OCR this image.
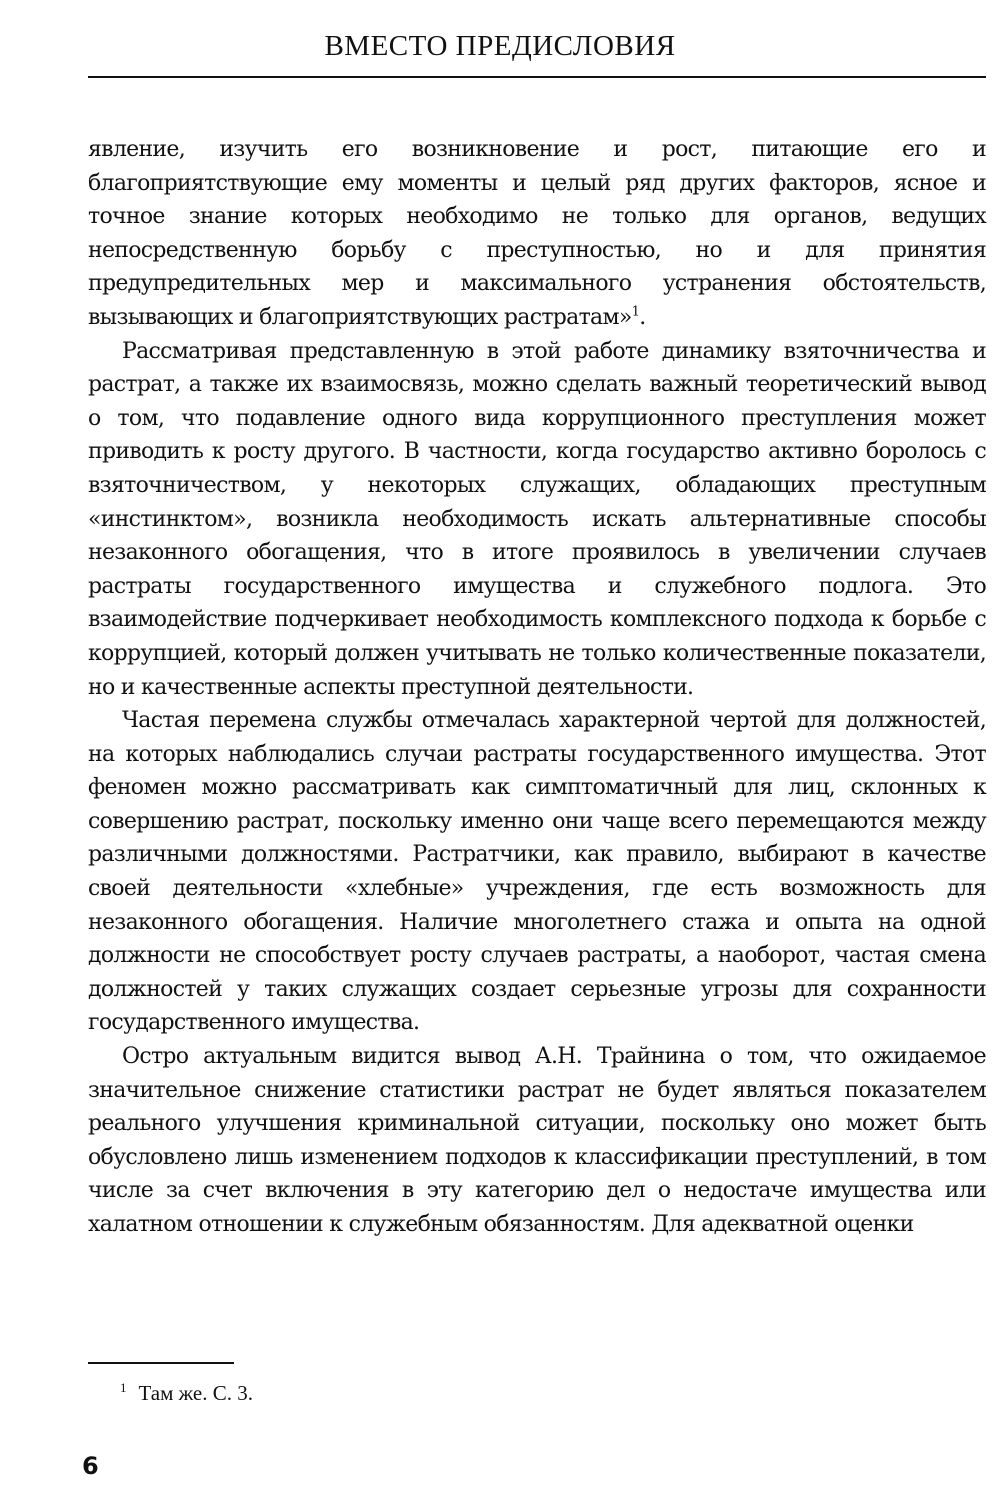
ВМЕСТО ПРЕДИСЛОВИЯ

явление, изучить его возникновение и рост, питающие его и благоприятствующие ему моменты и целый ряд других факторов, ясное и точное знание которых необходимо не только для органов, ведущих непосредственную борьбу с преступностью, но и для принятия предупредительных мер и максимального устранения обстоятельств, вызывающих и благоприятствующих растратам»$^1$.

Рассматривая представленную в этой работе динамику взяточничества и растрат, а также их взаимосвязь, можно сделать важный теоретический вывод о том, что подавление одного вида коррупционного преступления может приводить к росту другого. В частности, когда государство активно боролось с взяточничеством, у некоторых служащих, обладающих преступным «инстинктом», возникла необходимость искать альтернативные способы незаконного обогащения, что в итоге проявилось в увеличении случаев растраты государственного имущества и служебного подлога. Это взаимодействие подчеркивает необходимость комплексного подхода к борьбе с коррупцией, который должен учитывать не только количественные показатели, но и качественные аспекты преступной деятельности.

Частая перемена службы отмечалась характерной чертой для должностей, на которых наблюдались случаи растраты государственного имущества. Этот феномен можно рассматривать как симптоматичный для лиц, склонных к совершению растрат, поскольку именно они чаще всего перемещаются между различными должностями. Растратчики, как правило, выбирают в качестве своей деятельности «хлебные» учреждения, где есть возможность для незаконного обогащения. Наличие многолетнего стажа и опыта на одной должности не способствует росту случаев растраты, а наоборот, частая смена должностей у таких служащих создает серьезные угрозы для сохранности государственного имущества.

Остро актуальным видится вывод А.Н. Трайнина о том, что ожидаемое значительное снижение статистики растрат не будет являться показателем реального улучшения криминальной ситуации, поскольку оно может быть обусловлено лишь изменением подходов к классификации преступлений, в том числе за счет включения в эту категорию дел о недостаче имущества или халатном отношении к служебным обязанностям. Для адекватной оценки

$^1$ Там же. С. 3.
6
